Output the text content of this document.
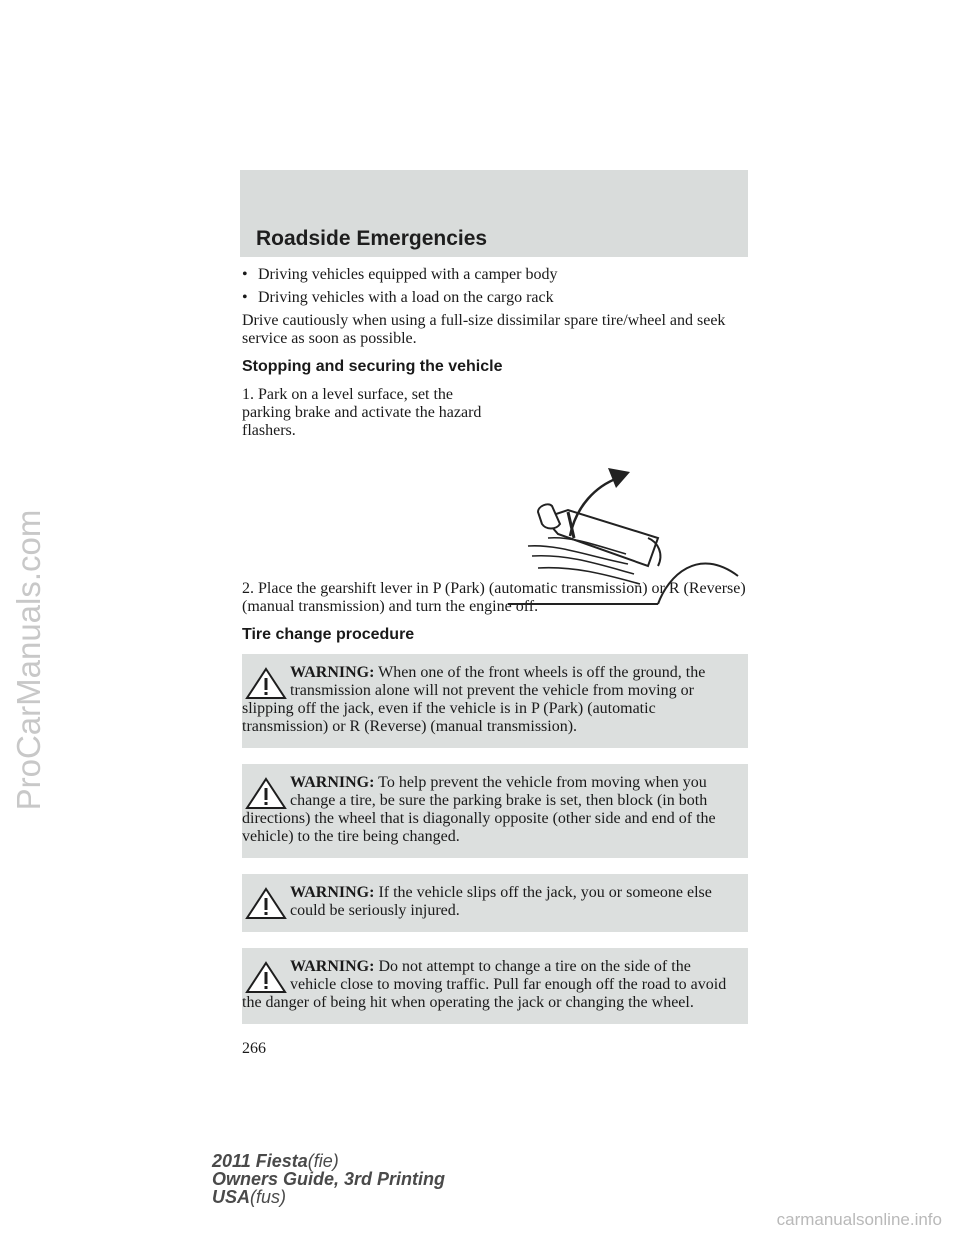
ProCarManuals.com
Roadside Emergencies
• Driving vehicles equipped with a camper body
• Driving vehicles with a load on the cargo rack

Drive cautiously when using a full-size dissimilar spare tire/wheel and seek service as soon as possible.

Stopping and securing the vehicle

1. Park on a level surface, set the parking brake and activate the hazard flashers.

2. Place the gearshift lever in P (Park) (automatic transmission) or R (Reverse) (manual transmission) and turn the engine off.

Tire change procedure
WARNING: When one of the front wheels is off the ground, the transmission alone will not prevent the vehicle from moving or slipping off the jack, even if the vehicle is in P (Park) (automatic transmission) or R (Reverse) (manual transmission).
WARNING: To help prevent the vehicle from moving when you change a tire, be sure the parking brake is set, then block (in both directions) the wheel that is diagonally opposite (other side and end of the vehicle) to the tire being changed.
WARNING: If the vehicle slips off the jack, you or someone else could be seriously injured.
WARNING: Do not attempt to change a tire on the side of the vehicle close to moving traffic. Pull far enough off the road to avoid the danger of being hit when operating the jack or changing the wheel.
266
2011 Fiesta(fie)
Owners Guide, 3rd Printing
USA(fus)
carmanualsonline.info
